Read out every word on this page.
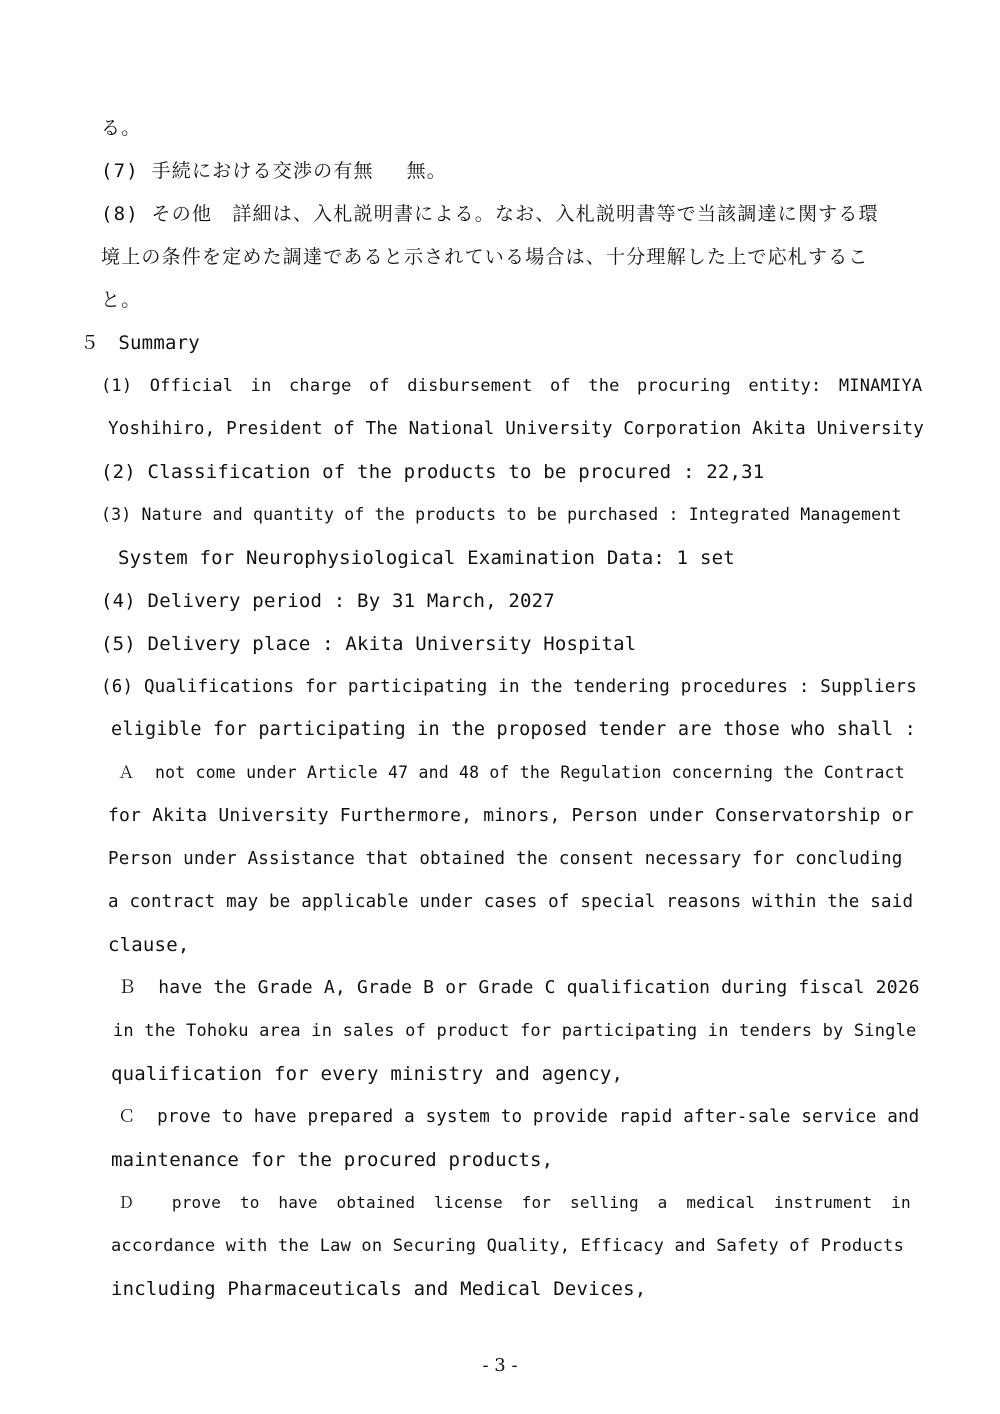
る。
(7) 手続における交渉の有無　 無。
(8) その他　詳細は、入札説明書による。なお、入札説明書等で当該調達に関する環
境上の条件を定めた調達であると示されている場合は、十分理解した上で応札するこ
と。
５　Summary
(1) Official in charge of disbursement of the procuring entity: MINAMIYA
Yoshihiro, President of The National University Corporation Akita University
(2) Classification of the products to be procured : 22,31
(3) Nature and quantity of the products to be purchased : Integrated Management
System for Neurophysiological Examination Data: 1 set
(4) Delivery period : By 31 March, 2027
(5) Delivery place : Akita University Hospital
(6) Qualifications for participating in the tendering procedures : Suppliers
eligible for participating in the proposed tender are those who shall :
Ａ  not come under Article 47 and 48 of the Regulation concerning the Contract
for Akita University Furthermore, minors, Person under Conservatorship or
Person under Assistance that obtained the consent necessary for concluding
a contract may be applicable under cases of special reasons within the said
clause,
Ｂ  have the Grade A, Grade B or Grade C qualification during fiscal 2026
in the Tohoku area in sales of product for participating in tenders by Single
qualification for every ministry and agency,
Ｃ  prove to have prepared a system to provide rapid after-sale service and
maintenance for the procured products,
Ｄ  prove to have obtained license for selling a medical instrument in
accordance with the Law on Securing Quality, Efficacy and Safety of Products
including Pharmaceuticals and Medical Devices,
- 3 -
